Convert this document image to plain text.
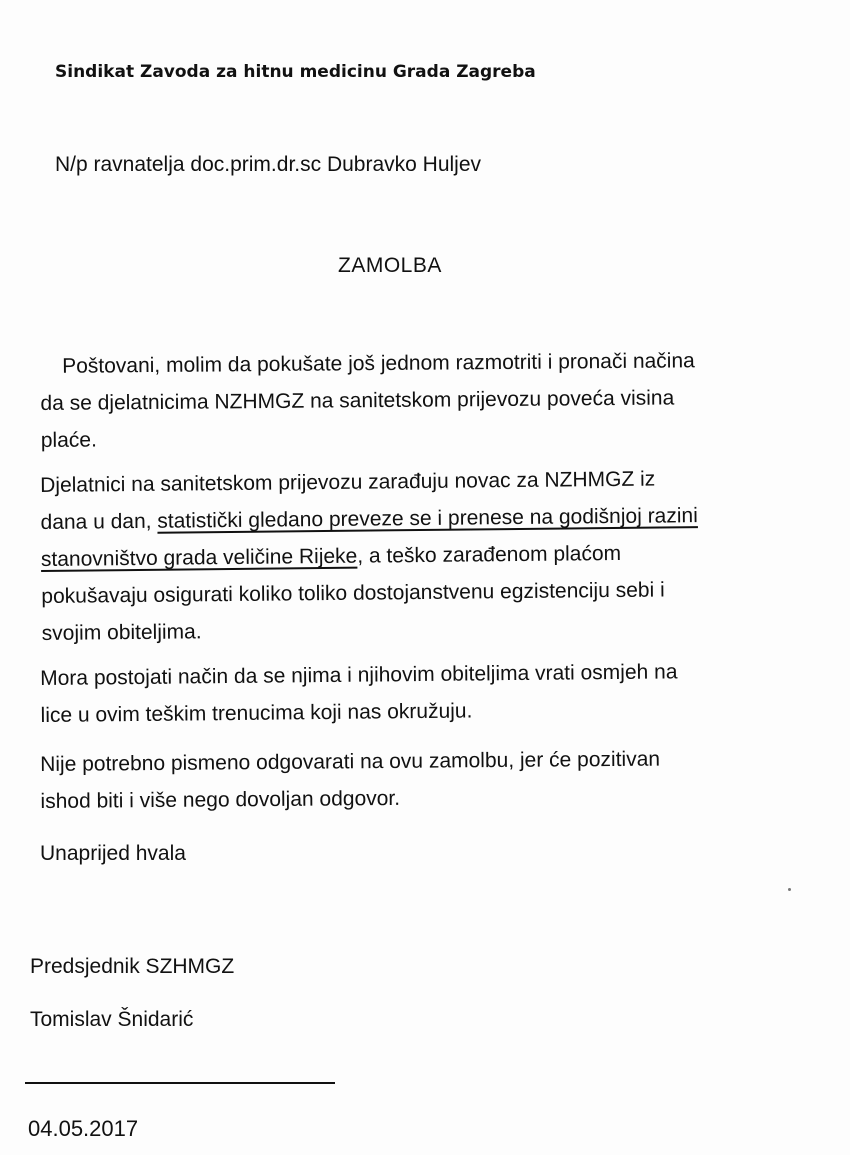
Sindikat Zavoda za hitnu medicinu Grada Zagreba
N/p ravnatelja doc.prim.dr.sc Dubravko Huljev
ZAMOLBA
Poštovani, molim da pokušate još jednom razmotriti i pronači načina
da se djelatnicima NZHMGZ na sanitetskom prijevozu poveća visina
plaće.
Djelatnici na sanitetskom prijevozu zarađuju novac za NZHMGZ iz
dana u dan, statistički gledano preveze se i prenese na godišnjoj razini
stanovništvo grada veličine Rijeke, a teško zarađenom plaćom
pokušavaju osigurati koliko toliko dostojanstvenu egzistenciju sebi i
svojim obiteljima.
Mora postojati način da se njima i njihovim obiteljima vrati osmjeh na
lice u ovim teškim trenucima koji nas okružuju.
Nije potrebno pismeno odgovarati na ovu zamolbu, jer će pozitivan
ishod biti i više nego dovoljan odgovor.
Unaprijed hvala
Predsjednik SZHMGZ
Tomislav Šnidarić
04.05.2017
